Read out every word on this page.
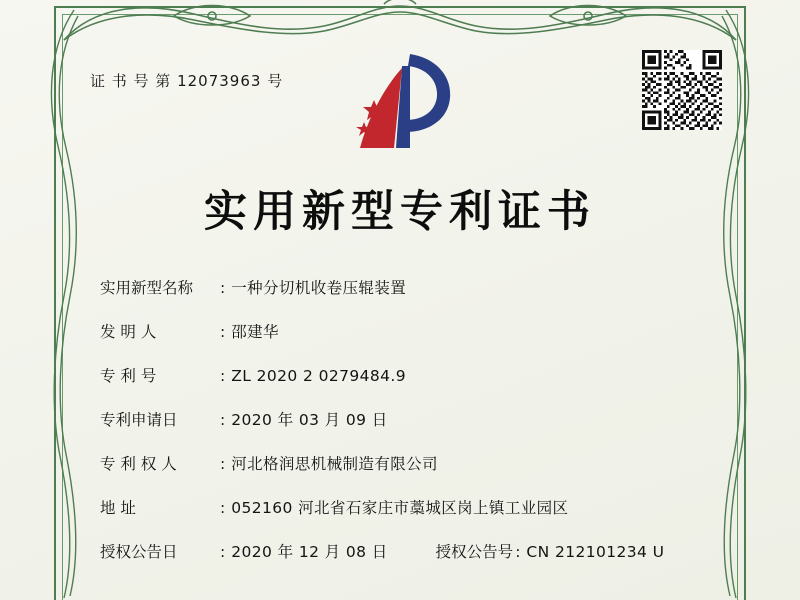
证 书 号 第 12073963 号
实用新型专利证书
实用新型名称	: 一种分切机收卷压辊装置
发 明 人	: 邵建华
专 利 号	: ZL 2020 2 0279484.9
专利申请日	: 2020 年 03 月 09 日
专 利 权 人	: 河北格润思机械制造有限公司
地 址	: 052160 河北省石家庄市藁城区岗上镇工业园区
授权公告日	: 2020 年 12 月 08 日	授权公告号 : CN 212101234 U
